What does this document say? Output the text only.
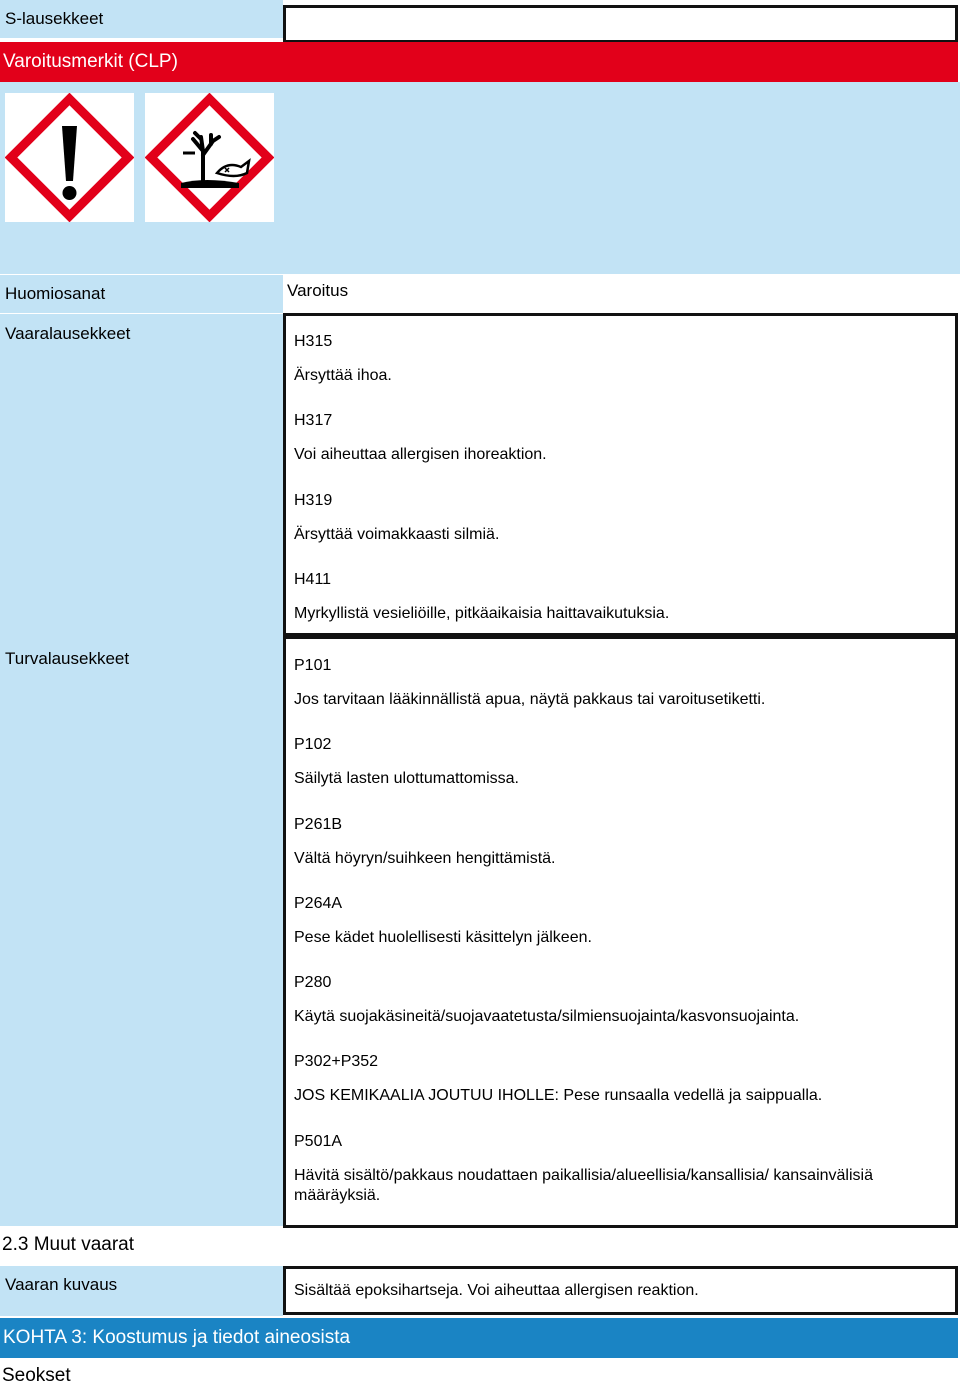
S-lausekkeet
Varoitusmerkit (CLP)
Huomiosanat	Varoitus
Vaaralausekkeet	H315
Ärsyttää ihoa.
H317
Voi aiheuttaa allergisen ihoreaktion.
H319
Ärsyttää voimakkaasti silmiä.
H411
Myrkyllistä vesieliöille, pitkäaikaisia haittavaikutuksia.
Turvalausekkeet	P101
Jos tarvitaan lääkinnällistä apua, näytä pakkaus tai varoitusetiketti.
P102
Säilytä lasten ulottumattomissa.
P261B
Vältä höyryn/suihkeen hengittämistä.
P264A
Pese kädet huolellisesti käsittelyn jälkeen.
P280
Käytä suojakäsineitä/suojavaatetusta/silmiensuojainta/kasvonsuojainta.
P302+P352
JOS KEMIKAALIA JOUTUU IHOLLE: Pese runsaalla vedellä ja saippualla.
P501A
Hävitä sisältö/pakkaus noudattaen paikallisia/alueellisia/kansallisia/ kansainvälisiä määräyksiä.
2.3 Muut vaarat
Vaaran kuvaus	Sisältää epoksihartseja. Voi aiheuttaa allergisen reaktion.
KOHTA 3: Koostumus ja tiedot aineosista
Seokset
